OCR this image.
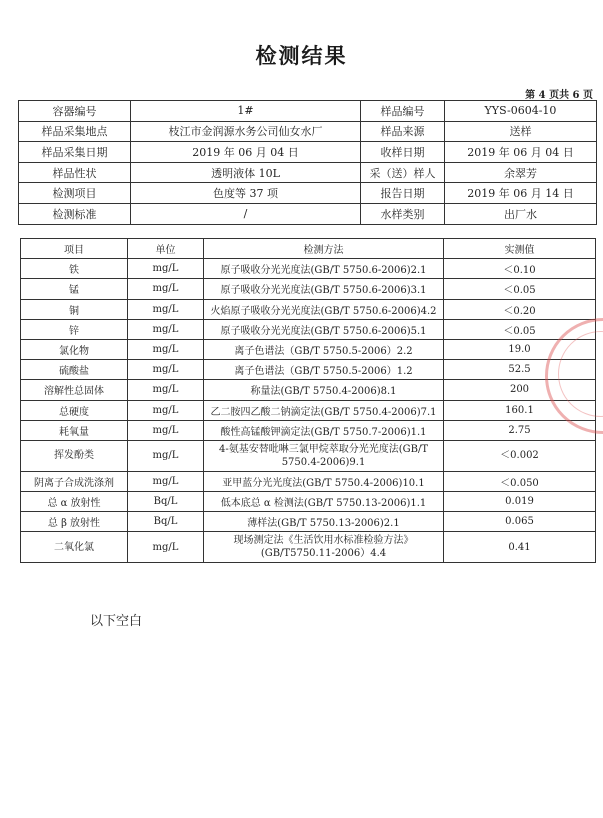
检测结果
第 4 页共 6 页
容器编号	1#	样品编号	YYS-0604-10
样品采集地点	枝江市金润源水务公司仙女水厂	样品来源	送样
样品采集日期	2019 年 06 月 04 日	收样日期	2019 年 06 月 04 日
样品性状	透明液体 10L	采（送）样人	余翠芳
检测项目	色度等 37 项	报告日期	2019 年 06 月 14 日
检测标准	/	水样类别	出厂水
项目	单位	检测方法	实测值
铁	mg/L	原子吸收分光光度法(GB/T 5750.6-2006)2.1	＜0.10
锰	mg/L	原子吸收分光光度法(GB/T 5750.6-2006)3.1	＜0.05
铜	mg/L	火焰原子吸收分光光度法(GB/T 5750.6-2006)4.2	＜0.20
锌	mg/L	原子吸收分光光度法(GB/T 5750.6-2006)5.1	＜0.05
氯化物	mg/L	离子色谱法（GB/T 5750.5-2006）2.2	19.0
硫酸盐	mg/L	离子色谱法（GB/T 5750.5-2006）1.2	52.5
溶解性总固体	mg/L	称量法(GB/T 5750.4-2006)8.1	200
总硬度	mg/L	乙二胺四乙酸二钠滴定法(GB/T 5750.4-2006)7.1	160.1
耗氧量	mg/L	酸性高锰酸钾滴定法(GB/T 5750.7-2006)1.1	2.75
挥发酚类	mg/L	4-氨基安替吡啉三氯甲烷萃取分光光度法(GB/T 5750.4-2006)9.1	＜0.002
阴离子合成洗涤剂	mg/L	亚甲蓝分光光度法(GB/T 5750.4-2006)10.1	＜0.050
总 α 放射性	Bq/L	低本底总 α 检测法(GB/T 5750.13-2006)1.1	0.019
总 β 放射性	Bq/L	薄样法(GB/T 5750.13-2006)2.1	0.065
二氧化氯	mg/L	现场测定法《生活饮用水标准检验方法》(GB/T5750.11-2006）4.4	0.41
以下空白
